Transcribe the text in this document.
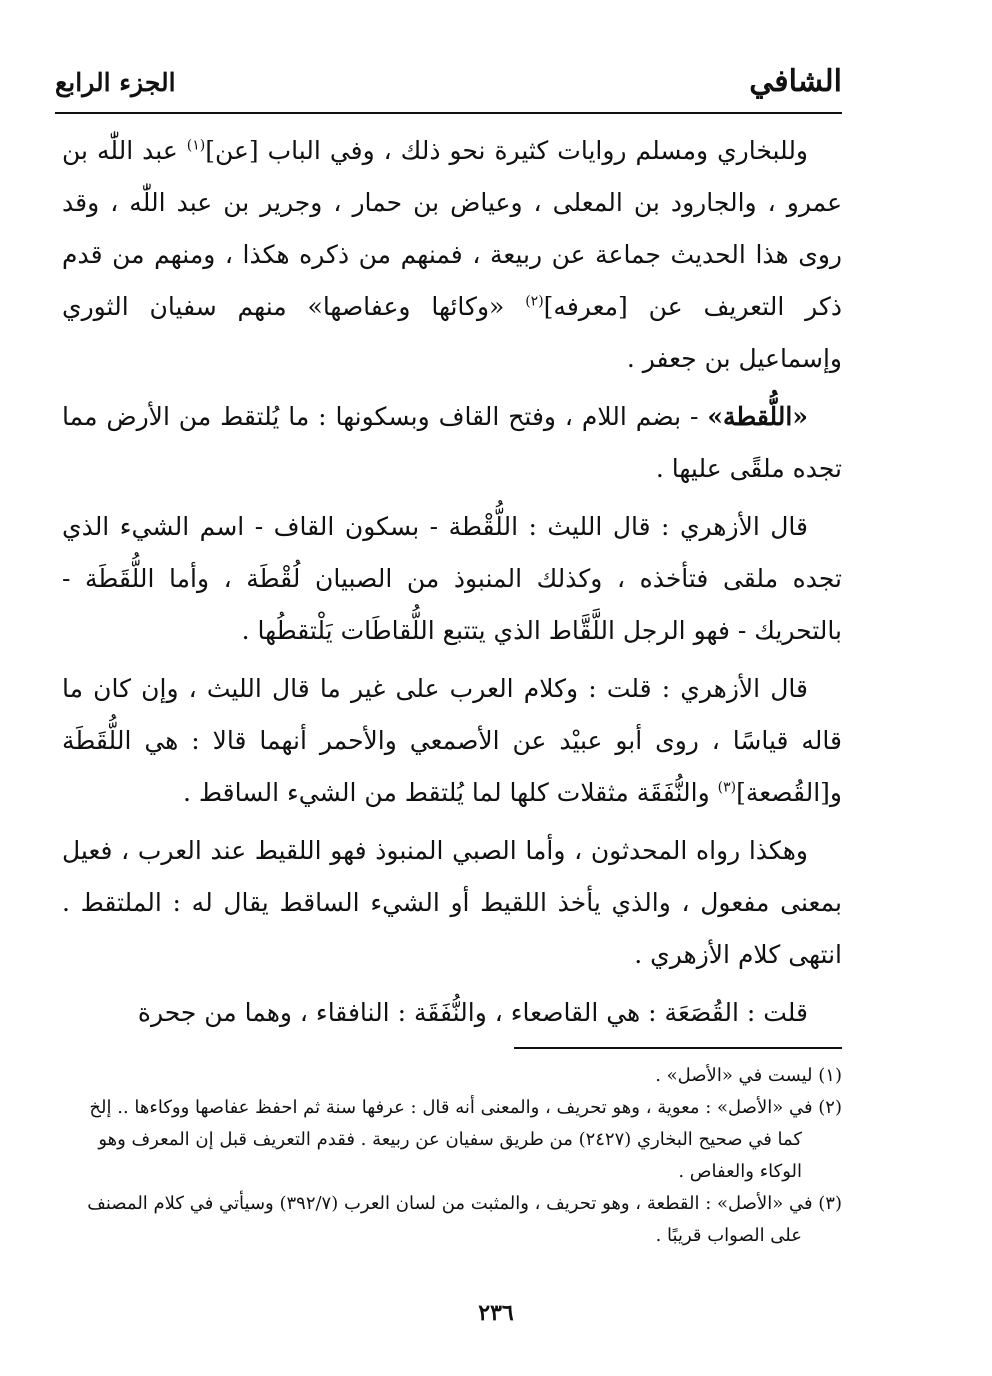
الشافي
الجزء الرابع

وللبخاري ومسلم روايات كثيرة نحو ذلك ، وفي الباب [عن]$^{(١)}$ عبد اللّٰه بن عمرو ، والجارود بن المعلى ، وعياض بن حمار ، وجرير بن عبد اللّٰه ، وقد روى هذا الحديث جماعة عن ربيعة ، فمنهم من ذكره هكذا ، ومنهم من قدم ذكر التعريف عن [معرفه]$^{(٢)}$ «وكائها وعفاصها» منهم سفيان الثوري وإسماعيل بن جعفر .

«اللُّقطة» - بضم اللام ، وفتح القاف وبسكونها : ما يُلتقط من الأرض مما تجده ملقًى عليها .

قال الأزهري : قال الليث : اللُّقْطة - بسكون القاف - اسم الشيء الذي تجده ملقى فتأخذه ، وكذلك المنبوذ من الصبيان لُقْطَة ، وأما اللُّقَطَة - بالتحريك - فهو الرجل اللَّقَّاط الذي يتتبع اللُّقاطَات يَلْتقطُها .

قال الأزهري : قلت : وكلام العرب على غير ما قال الليث ، وإن كان ما قاله قياسًا ، روى أبو عبيْد عن الأصمعي والأحمر أنهما قالا : هي اللُّقَطَة و[القُصعة]$^{(٣)}$ والنُّفَقَة مثقلات كلها لما يُلتقط من الشيء الساقط .

وهكذا رواه المحدثون ، وأما الصبي المنبوذ فهو اللقيط عند العرب ، فعيل بمعنى مفعول ، والذي يأخذ اللقيط أو الشيء الساقط يقال له : الملتقط . انتهى كلام الأزهري .

قلت : القُصَعَة : هي القاصعاء ، والنُّفَقَة : النافقاء ، وهما من جحرة

(١) ليست في «الأصل» .

(٢) في «الأصل» : معوية ، وهو تحريف ، والمعنى أنه قال : عرفها سنة ثم احفظ عفاصها ووكاءها .. إلخ
كما في صحيح البخاري (٢٤٢٧) من طريق سفيان عن ربيعة . فقدم التعريف قبل إن المعرف وهو
الوكاء والعفاص .

(٣) في «الأصل» : القطعة ، وهو تحريف ، والمثبت من لسان العرب (٣٩٢/٧) وسيأتي في كلام المصنف
على الصواب قريبًا .

٢٣٦
